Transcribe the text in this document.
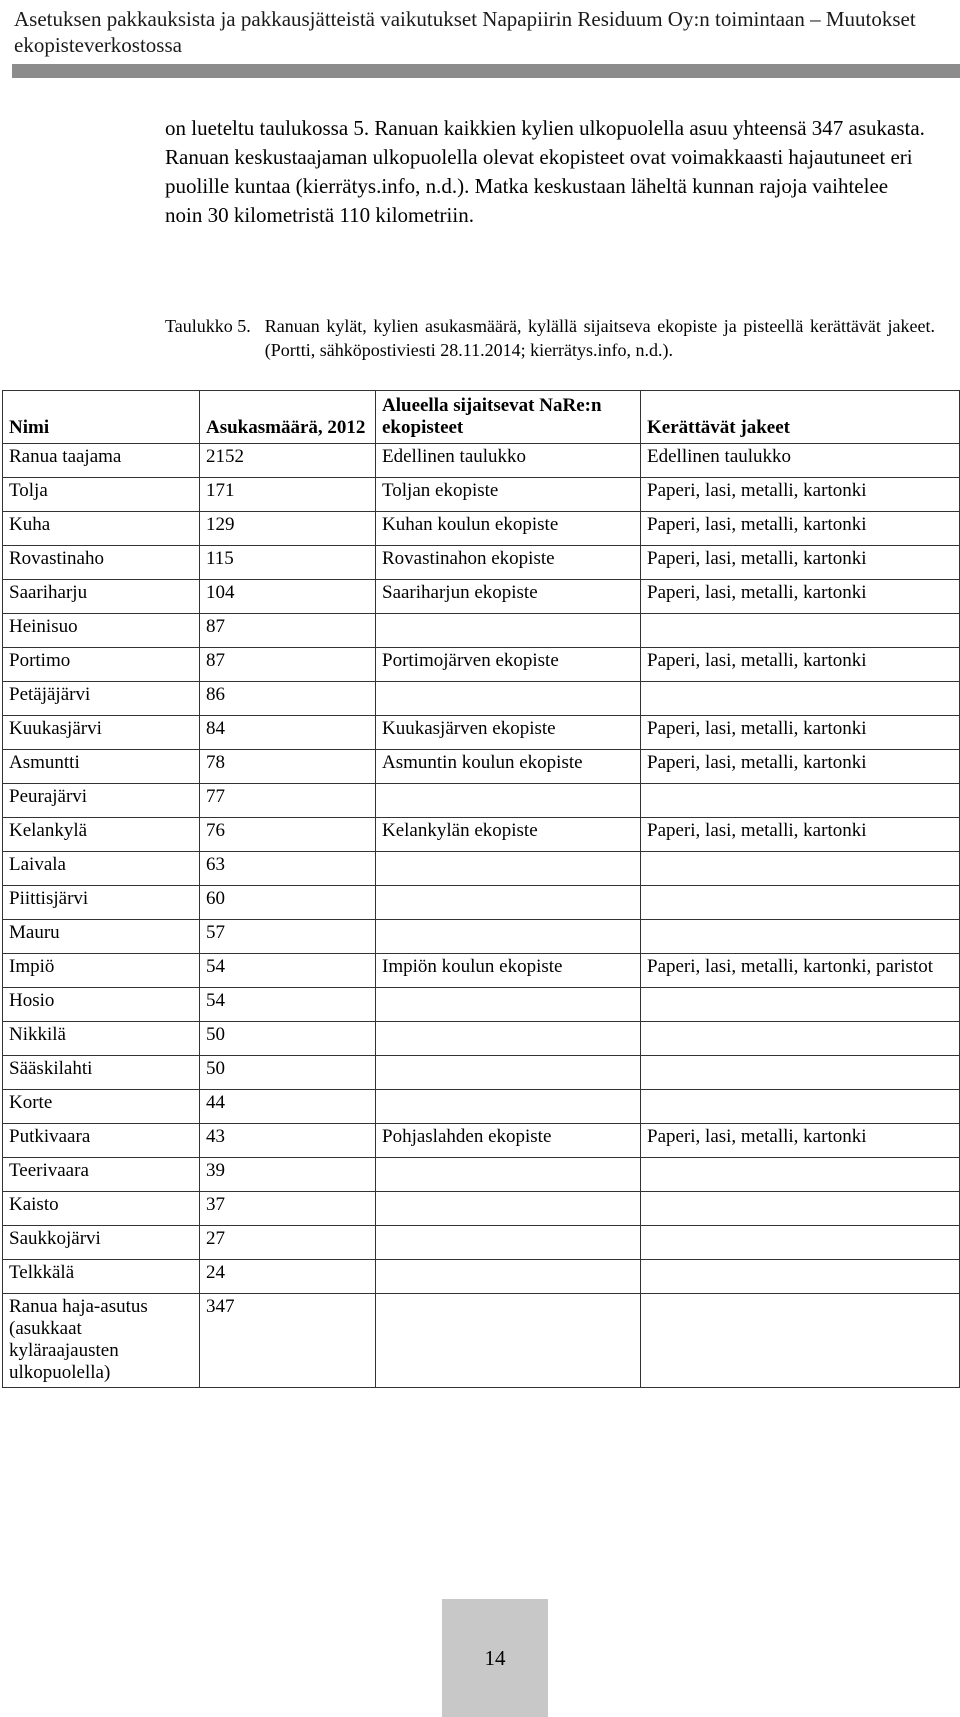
Asetuksen pakkauksista ja pakkausjätteistä vaikutukset Napapiirin Residuum Oy:n toimintaan – Muutokset ekopisteverkostossa

on lueteltu taulukossa 5. Ranuan kaikkien kylien ulkopuolella asuu yhteensä 347 asukasta. Ranuan keskustaajaman ulkopuolella olevat ekopisteet ovat voimakkaasti hajautuneet eri puolille kuntaa (kierrätys.info, n.d.). Matka keskustaan läheltä kunnan rajoja vaihtelee noin 30 kilometristä 110 kilometriin.

Taulukko 5. Ranuan kylät, kylien asukasmäärä, kylällä sijaitseva ekopiste ja pisteellä kerättävät jakeet. (Portti, sähköpostiviesti 28.11.2014; kierrätys.info, n.d.).
Nimi	Asukasmäärä, 2012	Alueella sijaitsevat NaRe:n ekopisteet	Kerättävät jakeet
Ranua taajama	2152	Edellinen taulukko	Edellinen taulukko
Tolja	171	Toljan ekopiste	Paperi, lasi, metalli, kartonki
Kuha	129	Kuhan koulun ekopiste	Paperi, lasi, metalli, kartonki
Rovastinaho	115	Rovastinahon ekopiste	Paperi, lasi, metalli, kartonki
Saariharju	104	Saariharjun ekopiste	Paperi, lasi, metalli, kartonki
Heinisuo	87		
Portimo	87	Portimojärven ekopiste	Paperi, lasi, metalli, kartonki
Petäjäjärvi	86		
Kuukasjärvi	84	Kuukasjärven ekopiste	Paperi, lasi, metalli, kartonki
Asmuntti	78	Asmuntin koulun ekopiste	Paperi, lasi, metalli, kartonki
Peurajärvi	77		
Kelankylä	76	Kelankylän ekopiste	Paperi, lasi, metalli, kartonki
Laivala	63		
Piittisjärvi	60		
Mauru	57		
Impiö	54	Impiön koulun ekopiste	Paperi, lasi, metalli, kartonki, paristot
Hosio	54		
Nikkilä	50		
Sääskilahti	50		
Korte	44		
Putkivaara	43	Pohjaslahden ekopiste	Paperi, lasi, metalli, kartonki
Teerivaara	39		
Kaisto	37		
Saukkojärvi	27		
Telkkälä	24		
Ranua haja-asutus (asukkaat kyläraajausten ulkopuolella)	347		
14
